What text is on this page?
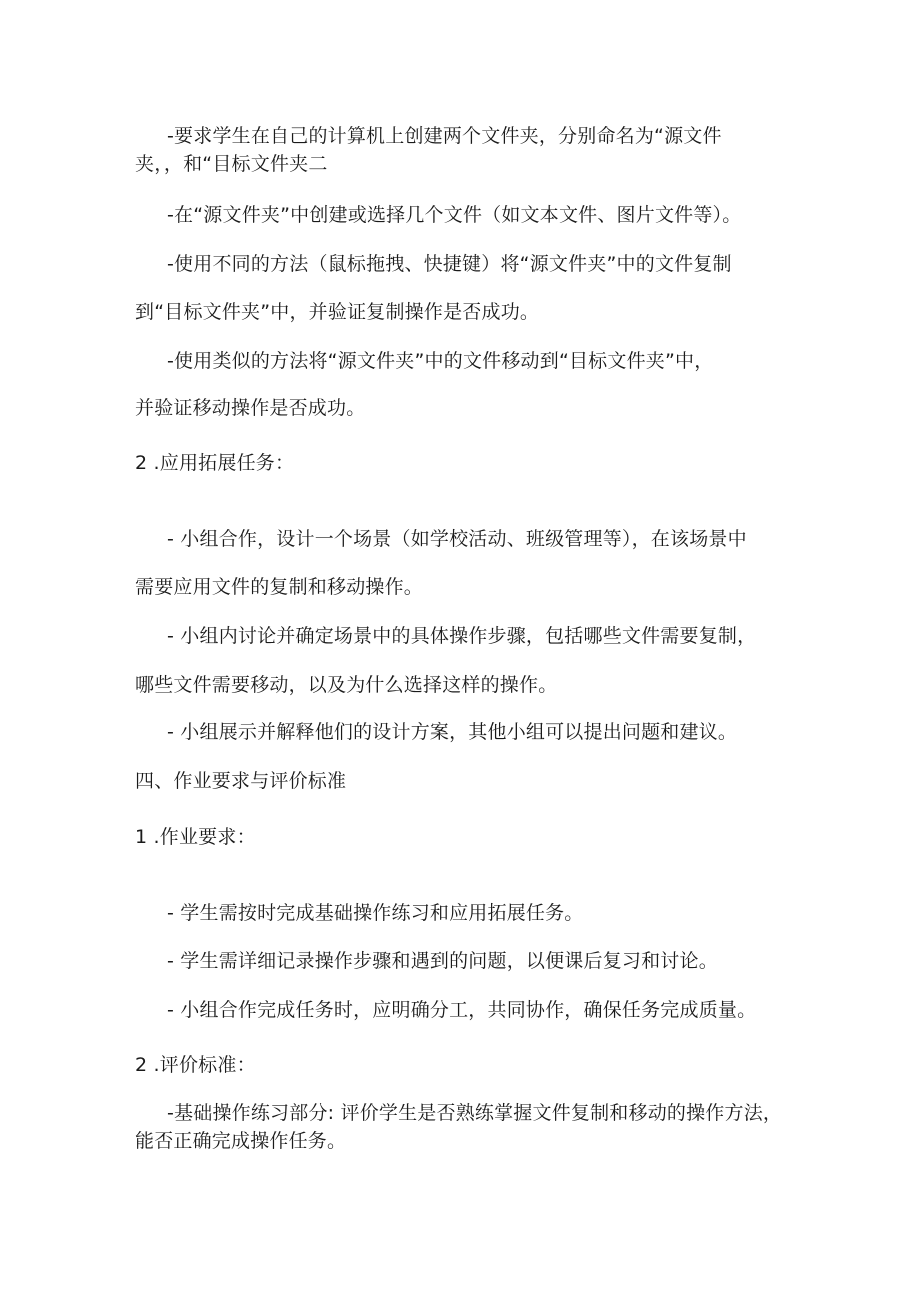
-要求学生在自己的计算机上创建两个文件夹，分别命名为“源文件
夹，，和“目标文件夹二
-在“源文件夹”中创建或选择几个文件（如文本文件、图片文件等）。
-使用不同的方法（鼠标拖拽、快捷键）将“源文件夹”中的文件复制
到“目标文件夹”中，并验证复制操作是否成功。
-使用类似的方法将“源文件夹”中的文件移动到“目标文件夹”中，
并验证移动操作是否成功。
2 .应用拓展任务：
- 小组合作，设计一个场景（如学校活动、班级管理等），在该场景中
需要应用文件的复制和移动操作。
- 小组内讨论并确定场景中的具体操作步骤，包括哪些文件需要复制，
哪些文件需要移动，以及为什么选择这样的操作。
- 小组展示并解释他们的设计方案，其他小组可以提出问题和建议。
四、作业要求与评价标准
1 .作业要求：
- 学生需按时完成基础操作练习和应用拓展任务。
- 学生需详细记录操作步骤和遇到的问题，以便课后复习和讨论。
- 小组合作完成任务时，应明确分工，共同协作，确保任务完成质量。
2 .评价标准：
-基础操作练习部分: 评价学生是否熟练掌握文件复制和移动的操作方法，
能否正确完成操作任务。
